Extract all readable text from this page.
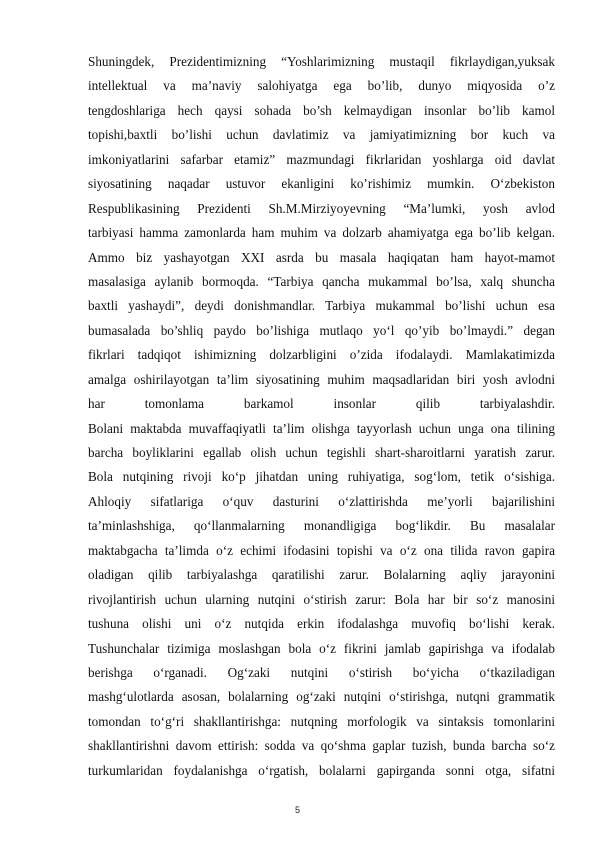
Shuningdek, Prezidentimizning “Yoshlarimizning mustaqil fikrlaydigan,yuksak
intellektual va ma’naviy salohiyatga ega bo’lib, dunyo miqyosida o’z
tengdoshlariga hech qaysi sohada bo’sh kelmaydigan insonlar bo’lib kamol
topishi,baxtli bo’lishi uchun davlatimiz va jamiyatimizning bor kuch va
imkoniyatlarini safarbar etamiz” mazmundagi fikrlaridan yoshlarga oid davlat
siyosatining naqadar ustuvor ekanligini ko’rishimiz mumkin. O‘zbekiston
Respublikasining Prezidenti Sh.M.Mirziyoyevning “Ma’lumki, yosh avlod
tarbiyasi hamma zamonlarda ham muhim va dolzarb ahamiyatga ega bo’lib kelgan.
Ammo biz yashayotgan XXI asrda bu masala haqiqatan ham hayot-mamot
masalasiga aylanib bormoqda. “Tarbiya qancha mukammal bo’lsa, xalq shuncha
baxtli yashaydi”, deydi donishmandlar. Tarbiya mukammal bo’lishi uchun esa
bumasalada bo’shliq paydo bo’lishiga mutlaqo yo‘l qo’yib bo’lmaydi.” degan
fikrlari tadqiqot ishimizning dolzarbligini o’zida ifodalaydi. Mamlakatimizda
amalga oshirilayotgan ta’lim siyosatining muhim maqsadlaridan biri yosh avlodni
har tomonlama barkamol insonlar qilib tarbiyalashdir.
Bolani maktabda muvaffaqiyatli ta’lim olishga tayyorlash uchun unga ona tilining
barcha boyliklarini egallab olish uchun tegishli shart-sharoitlarni yaratish zarur.
Bola nutqining rivoji ko‘p jihatdan uning ruhiyatiga, sog‘lom, tetik o‘sishiga.
Ahloqiy sifatlariga o‘quv dasturini o‘zlattirishda me’yorli bajarilishini
ta’minlashshiga, qo‘llanmalarning monandligiga bog‘likdir. Bu masalalar
maktabgacha ta’limda o‘z echimi ifodasini topishi va o‘z ona tilida ravon gapira
oladigan qilib tarbiyalashga qaratilishi zarur. Bolalarning aqliy jarayonini
rivojlantirish uchun ularning nutqini o‘stirish zarur: Bola har bir so‘z manosini
tushuna olishi uni o‘z nutqida erkin ifodalashga muvofiq bo‘lishi kerak.
Tushunchalar tizimiga moslashgan bola o‘z fikrini jamlab gapirishga va ifodalab
berishga o‘rganadi. Og‘zaki nutqini o‘stirish bo‘yicha o‘tkaziladigan
mashg‘ulotlarda asosan, bolalarning og‘zaki nutqini o‘stirishga, nutqni grammatik
tomondan to‘g‘ri shakllantirishga: nutqning morfologik va sintaksis tomonlarini
shakllantirishni davom ettirish: sodda va qo‘shma gaplar tuzish, bunda barcha so‘z
turkumlaridan foydalanishga o‘rgatish, bolalarni gapirganda sonni otga, sifatni
5
